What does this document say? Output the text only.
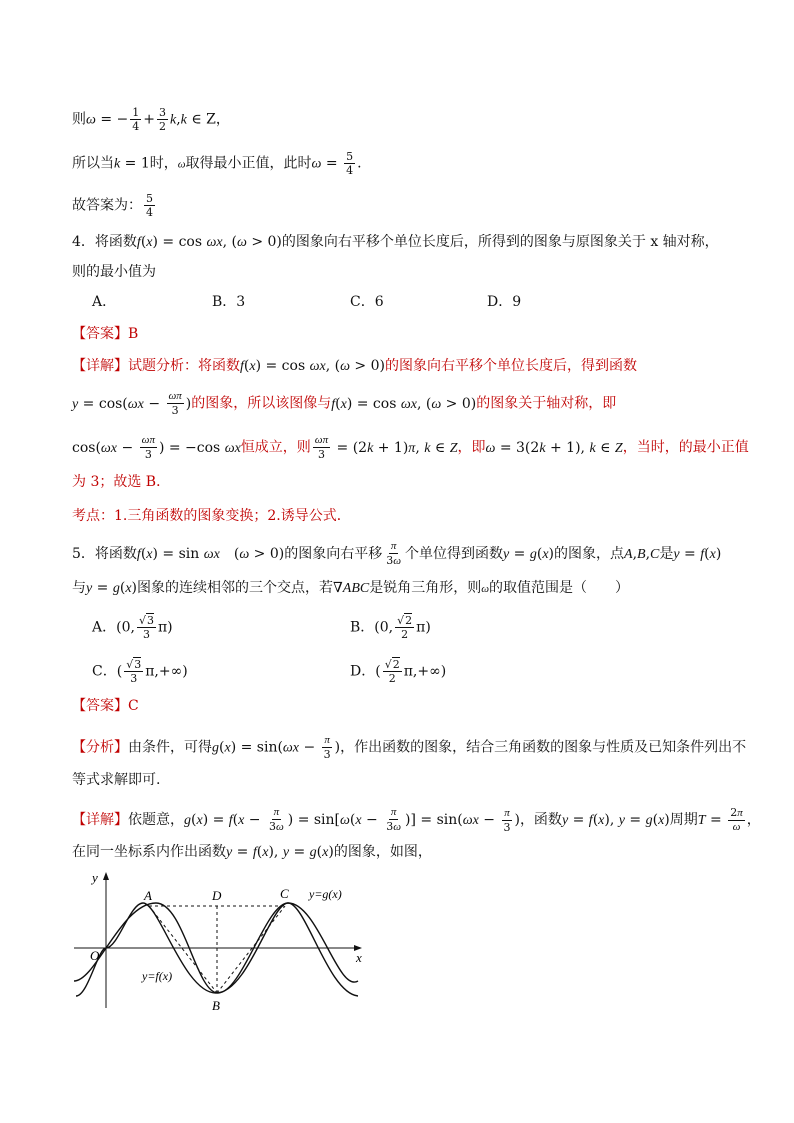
则ω = − $\frac{1}{4} + \frac{3}{2} k,k$ ∈ Z，
所以当k = 1时，ω取得最小正值，此时$\omega = \frac{5}{4}$ .
故答案为： $\frac{5}{4}$
4．将函数f(x) = cos ωx, (ω > 0)的图象向右平移个单位长度后，所得到的图象与原图象关于 x 轴对称，
则的最小值为
A．	B．3	C．6	D．9
【答案】B
【详解】试题分析：将函数f(x) = cos ωx, (ω > 0)的图象向右平移个单位长度后，得到函数
$y = \cos(\omega x - \frac{\omega\pi}{3}$ )的图象，所以该图像与f(x) = cos ωx, (ω > 0)的图象关于轴对称，即
$\cos(\omega x - \frac{\omega\pi}{3}$ ) = −cos ωx恒成立，则 $\frac{\omega\pi}{3} = (2k + 1)\pi$, k ∈ Z，即ω = 3(2k + 1), k ∈ Z，当时，的最小正值
为 3；故选 B．
考点：1.三角函数的图象变换；2.诱导公式．
5．将函数f(x) = sin ωx　(ω > 0)的图象向右平移 $\frac{\pi}{3\omega}$ 个单位得到函数y = g(x)的图象，点A,B,C是y = f(x)
与y = g(x)图象的连续相邻的三个交点，若∇ABC是锐角三角形，则ω的取值范围是（　　）
A．(0, $\frac{√3}{3} \pi$)	B．(0, $\frac{√2}{2} \pi$)
C．( $\frac{√3}{3} \pi,+\infty$)	D．( $\frac{√2}{2} \pi,+\infty$)
【答案】C
【分析】由条件，可得$g(x) = \sin(\omega x - \frac{\pi}{3}$ )，作出函数的图象，结合三角函数的图象与性质及已知条件列出不
等式求解即可.
【详解】依题意，$g(x) = f(x - \frac{\pi}{3\omega}$ ) = $\sin[\omega(x - \frac{\pi}{3\omega}$ )] = $\sin(\omega x - \frac{\pi}{3}$ )，函数y = f(x), y = g(x)周期$T = \frac{2\pi}{\omega}$ ，
在同一坐标系内作出函数y = f(x), y = g(x)的图象，如图，
y
x
O
A	D	C
B
y=g(x)
y=f(x)
